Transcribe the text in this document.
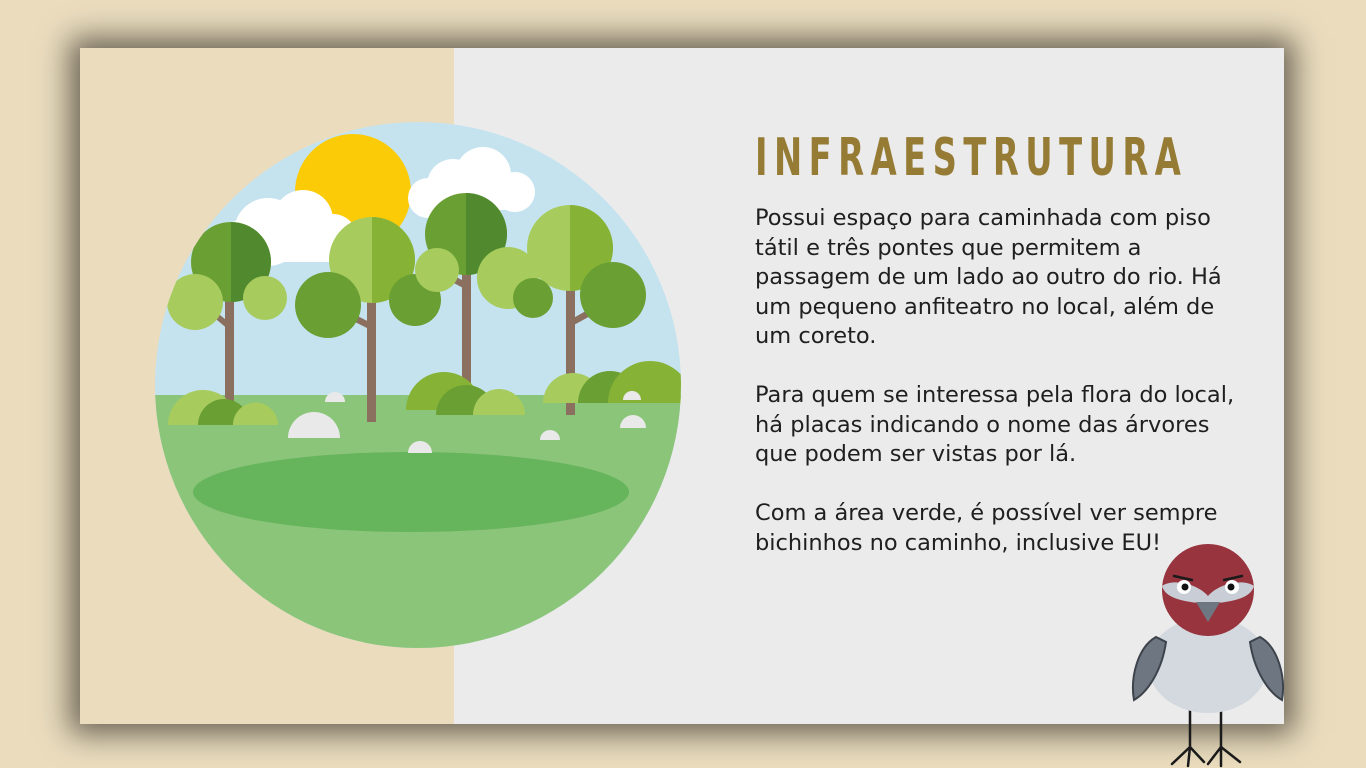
INFRAESTRUTURA

Possui espaço para caminhada com piso tátil e três pontes que permitem a passagem de um lado ao outro do rio. Há um pequeno anfiteatro no local, além de um coreto.

Para quem se interessa pela flora do local, há placas indicando o nome das árvores que podem ser vistas por lá.

Com a área verde, é possível ver sempre bichinhos no caminho, inclusive EU!
